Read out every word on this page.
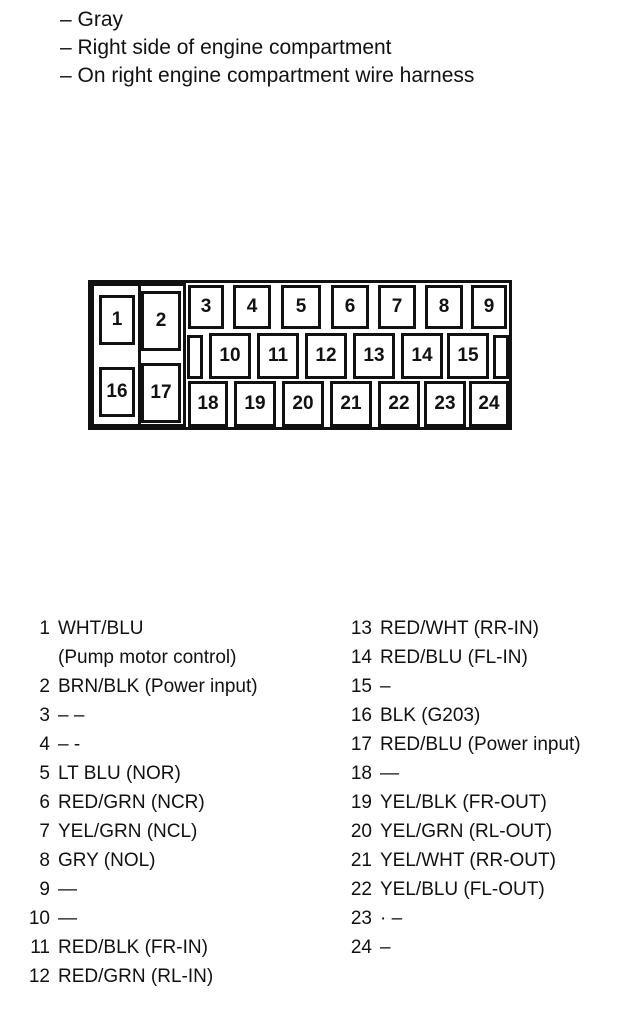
– Gray
– Right side of engine compartment
– On right engine compartment wire harness
1	2
3	4	5	6	7	8	9
10	11	12	13	14	15
16	17
18	19	20	21	22	23	24
1 WHT/BLU
(Pump motor control)
2 BRN/BLK (Power input)
3 – –
4 – -
5 LT BLU (NOR)
6 RED/GRN (NCR)
7 YEL/GRN (NCL)
8 GRY (NOL)
9 —
10 —
11 RED/BLK (FR-IN)
12 RED/GRN (RL-IN)
13 RED/WHT (RR-IN)
14 RED/BLU (FL-IN)
15 –
16 BLK (G203)
17 RED/BLU (Power input)
18 —
19 YEL/BLK (FR-OUT)
20 YEL/GRN (RL-OUT)
21 YEL/WHT (RR-OUT)
22 YEL/BLU (FL-OUT)
23 · –
24 –
